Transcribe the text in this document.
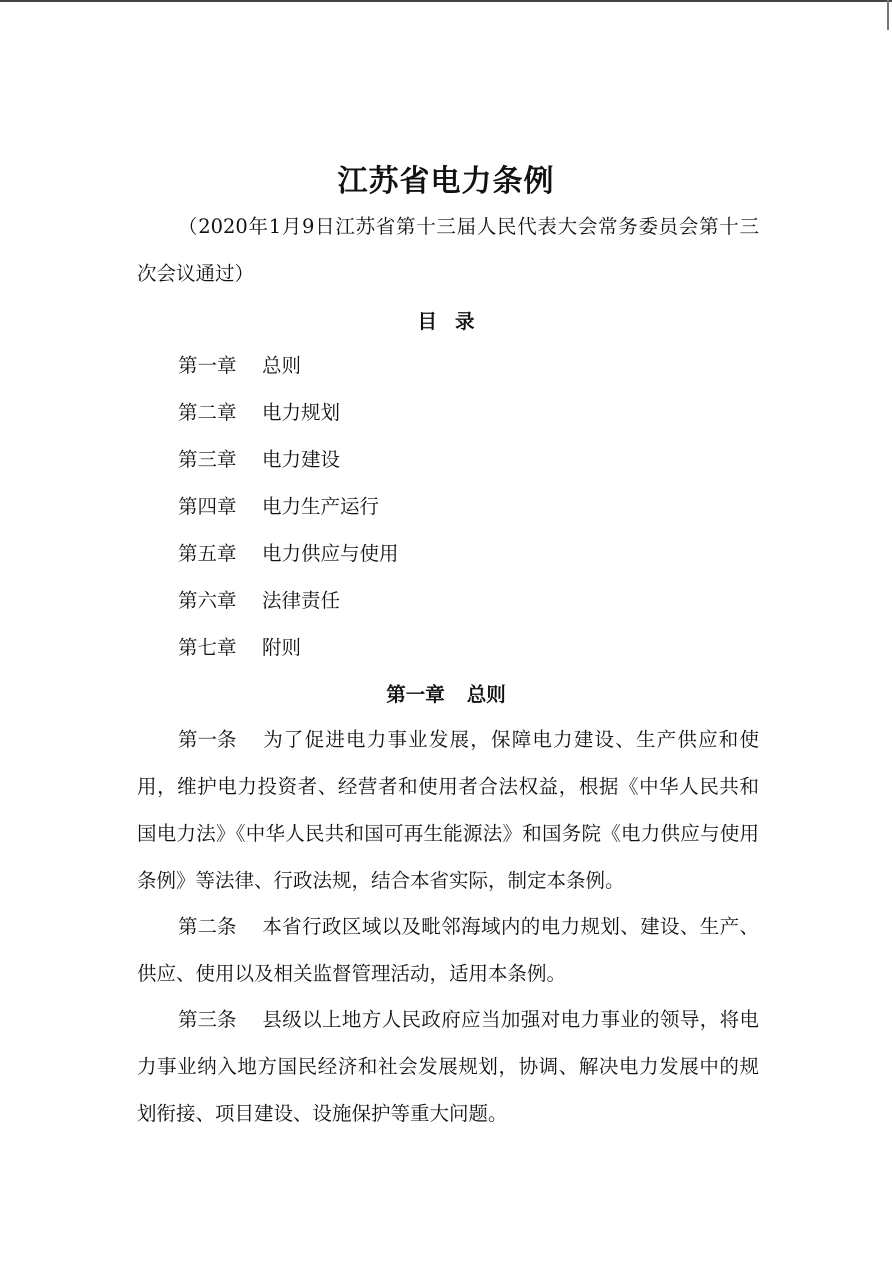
江苏省电力条例
（2020年1月9日江苏省第十三届人民代表大会常务委员会第十三次会议通过）
目 录
第一章 总则
第二章 电力规划
第三章 电力建设
第四章 电力生产运行
第五章 电力供应与使用
第六章 法律责任
第七章 附则
第一章 总则
第一条 为了促进电力事业发展，保障电力建设、生产供应和使用，维护电力投资者、经营者和使用者合法权益，根据《中华人民共和国电力法》《中华人民共和国可再生能源法》和国务院《电力供应与使用条例》等法律、行政法规，结合本省实际，制定本条例。
第二条 本省行政区域以及毗邻海域内的电力规划、建设、生产、供应、使用以及相关监督管理活动，适用本条例。
第三条 县级以上地方人民政府应当加强对电力事业的领导，将电力事业纳入地方国民经济和社会发展规划，协调、解决电力发展中的规划衔接、项目建设、设施保护等重大问题。
